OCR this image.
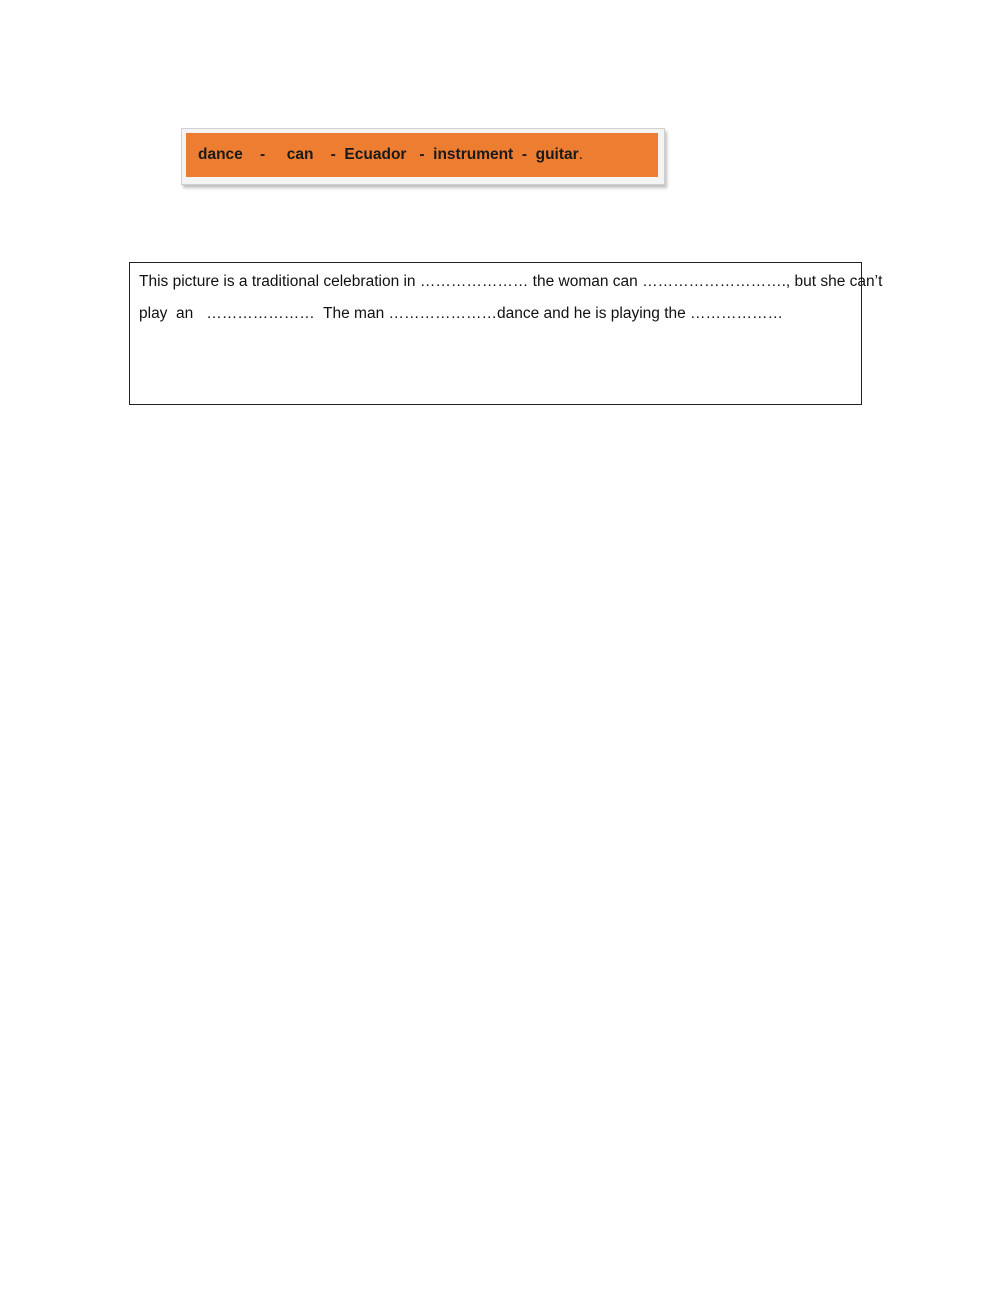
dance    -     can    -  Ecuador   -  instrument  -  guitar .
This picture is a traditional celebration in ………………… the woman can ………………………., but she can’t
play  an   …………………  The man …………………dance and he is playing the ………………
